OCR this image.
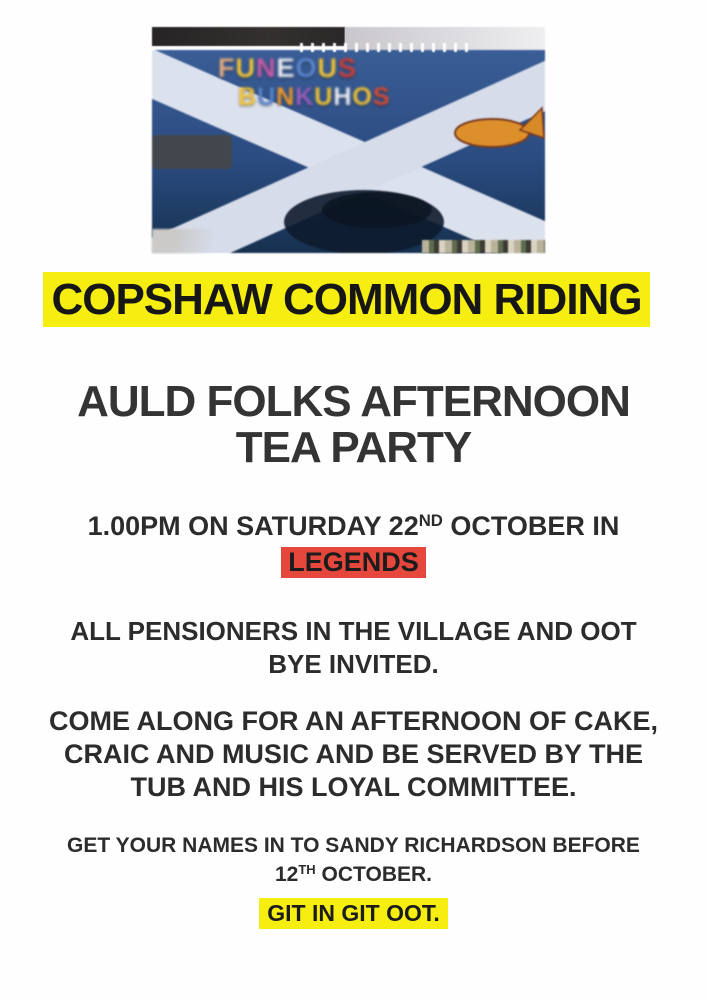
F U N E O U S
B U N K U H O S
COPSHAW COMMON RIDING
AULD FOLKS AFTERNOON
TEA PARTY
1.00PM ON SATURDAY 22ND OCTOBER IN
LEGENDS
ALL PENSIONERS IN THE VILLAGE AND OOT
BYE INVITED.
COME ALONG FOR AN AFTERNOON OF CAKE,
CRAIC AND MUSIC AND BE SERVED BY THE
TUB AND HIS LOYAL COMMITTEE.
GET YOUR NAMES IN TO SANDY RICHARDSON BEFORE
12TH OCTOBER.
GIT IN GIT OOT.
